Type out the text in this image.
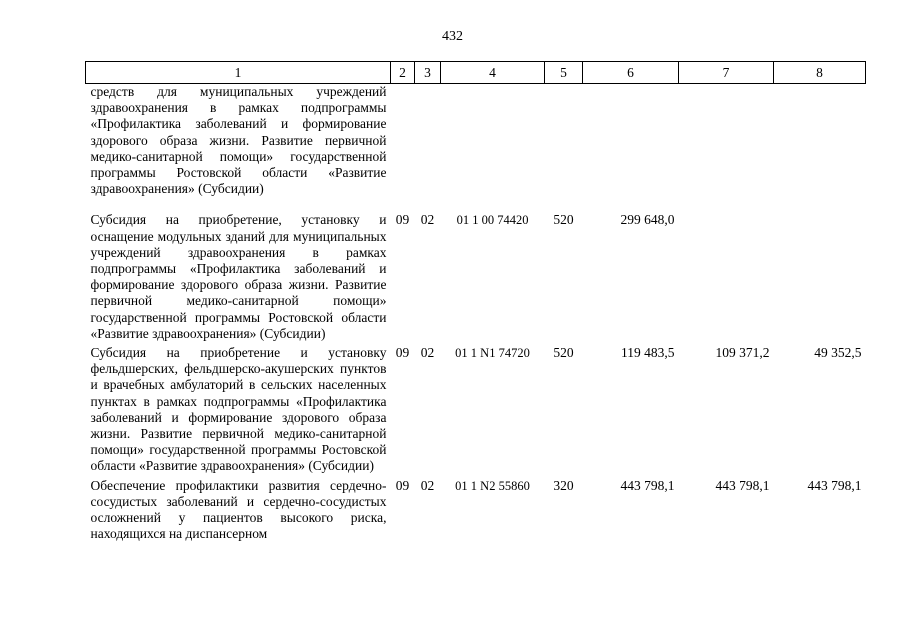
432
1	2	3	4	5	6	7	8
средств для муниципальных учреждений здравоохранения в рамках подпрограммы «Профилактика заболеваний и формирование здорового образа жизни. Развитие первичной медико-санитарной помощи» государственной программы Ростовской области «Развитие здравоохранения» (Субсидии)							
Субсидия на приобретение, установку и оснащение модульных зданий для муниципальных учреждений здравоохранения в рамках подпрограммы «Профилактика заболеваний и формирование здорового образа жизни. Развитие первичной медико-санитарной помощи» государственной программы Ростовской области «Развитие здравоохранения» (Субсидии)	09	02	01 1 00 74420	520	299 648,0		
Субсидия на приобретение и установку фельдшерских, фельдшерско-акушерских пунктов и врачебных амбулаторий в сельских населенных пунктах в рамках подпрограммы «Профилактика заболеваний и формирование здорового образа жизни. Развитие первичной медико-санитарной помощи» государственной программы Ростовской области «Развитие здравоохранения» (Субсидии)	09	02	01 1 N1 74720	520	119 483,5	109 371,2	49 352,5
Обеспечение профилактики развития сердечно-сосудистых заболеваний и сердечно-сосудистых осложнений у пациентов высокого риска, находящихся на диспансерном	09	02	01 1 N2 55860	320	443 798,1	443 798,1	443 798,1
